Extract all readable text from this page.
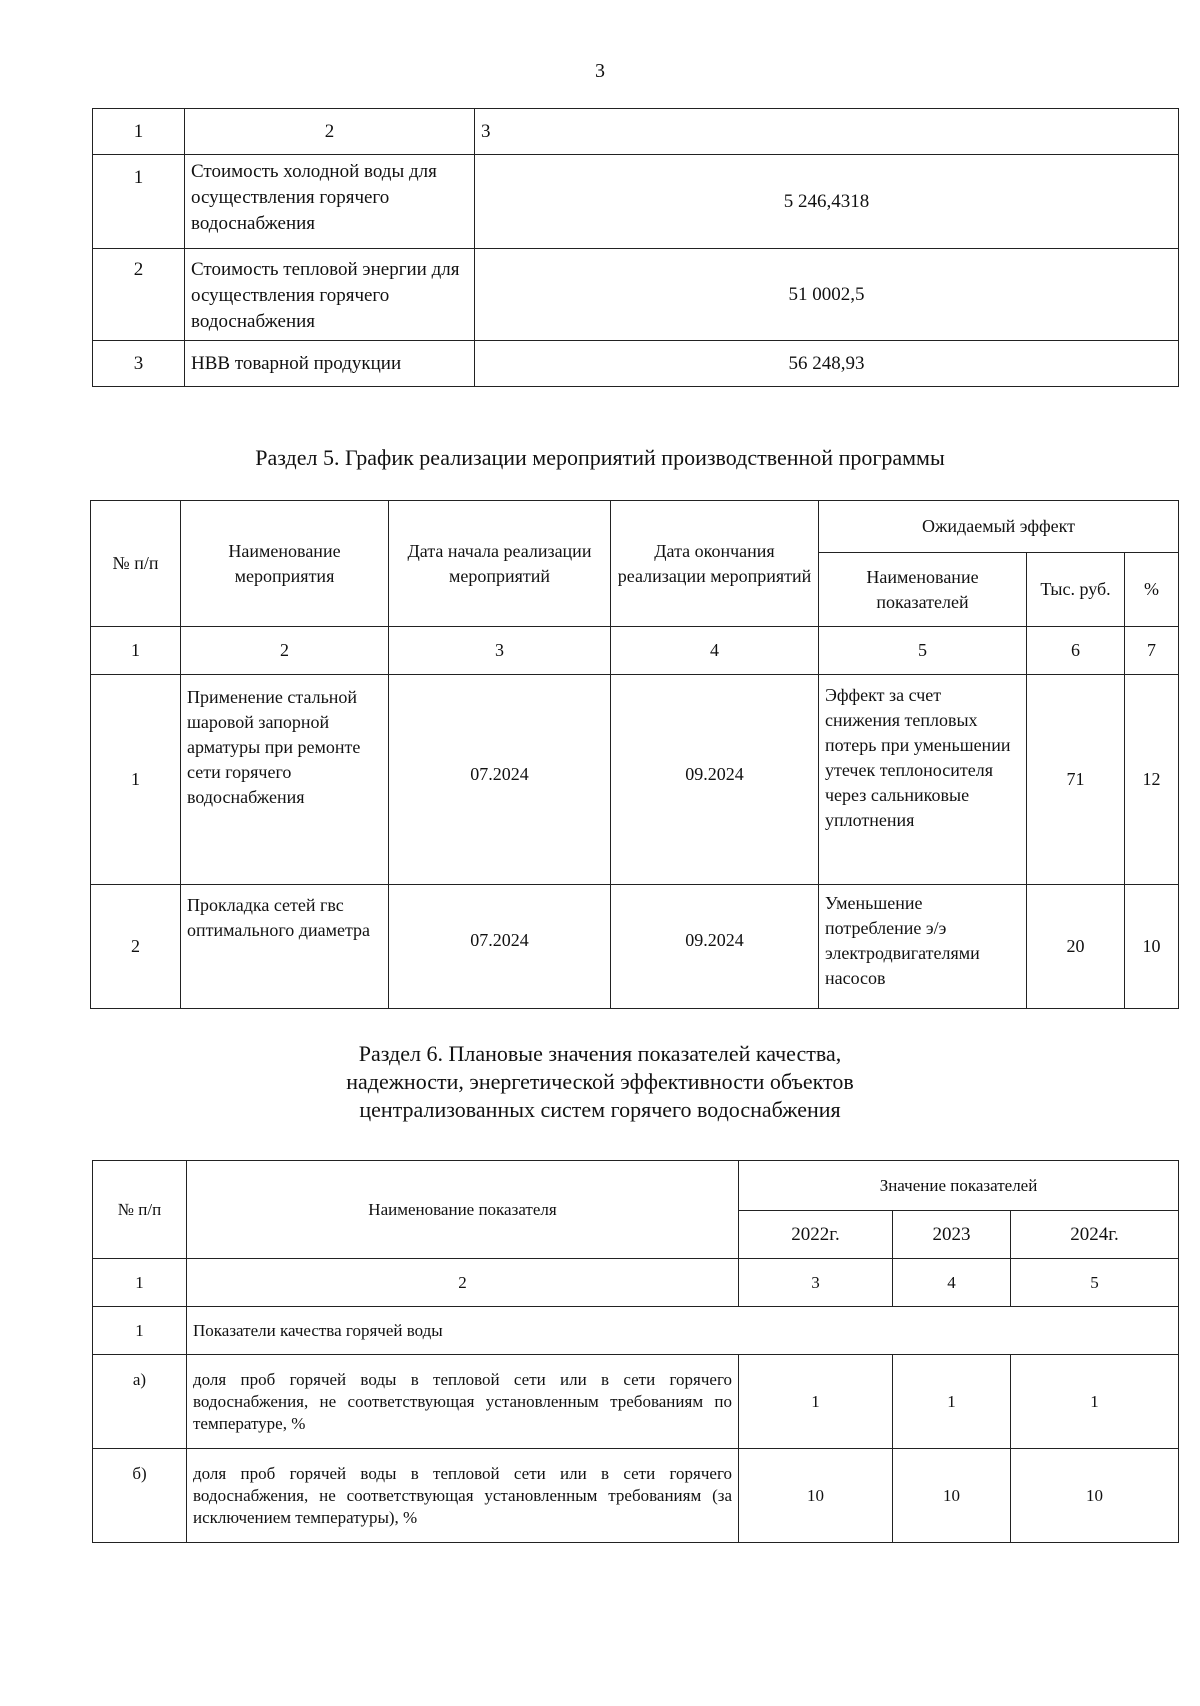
3
1	2	3
1	Стоимость холодной воды для осуществления горячего водоснабжения	5 246,4318
2	Стоимость тепловой энергии для осуществления горячего водоснабжения	51 0002,5
3	НВВ товарной продукции	56 248,93
Раздел 5. График реализации мероприятий производственной программы
№ п/п	Наименование мероприятия	Дата начала реализации мероприятий	Дата окончания реализации мероприятий	Ожидаемый эффект		
				Наименование показателей	Тыс. руб.	%
1	2	3	4	5	6	7
1	Применение стальной шаровой запорной арматуры при ремонте сети горячего водоснабжения	07.2024	09.2024	Эффект за счет снижения тепловых потерь при уменьшении утечек теплоносителя через сальниковые уплотнения	71	12
2	Прокладка сетей гвс оптимального диаметра	07.2024	09.2024	Уменьшение потребление э/э электродвигателями насосов	20	10
Раздел 6. Плановые значения показателей качества,
надежности, энергетической эффективности объектов
централизованных систем горячего водоснабжения
№ п/п	Наименование показателя	Значение показателей		
		2022г.	2023	2024г.
1	2	3	4	5
1	Показатели качества горячей воды			
а)	доля проб горячей воды в тепловой сети или в сети горячего водоснабжения, не соответствующая установленным требованиям по температуре, %	1	1	1
б)	доля проб горячей воды в тепловой сети или в сети горячего водоснабжения, не соответствующая установленным требованиям (за исключением температуры), %	10	10	10
